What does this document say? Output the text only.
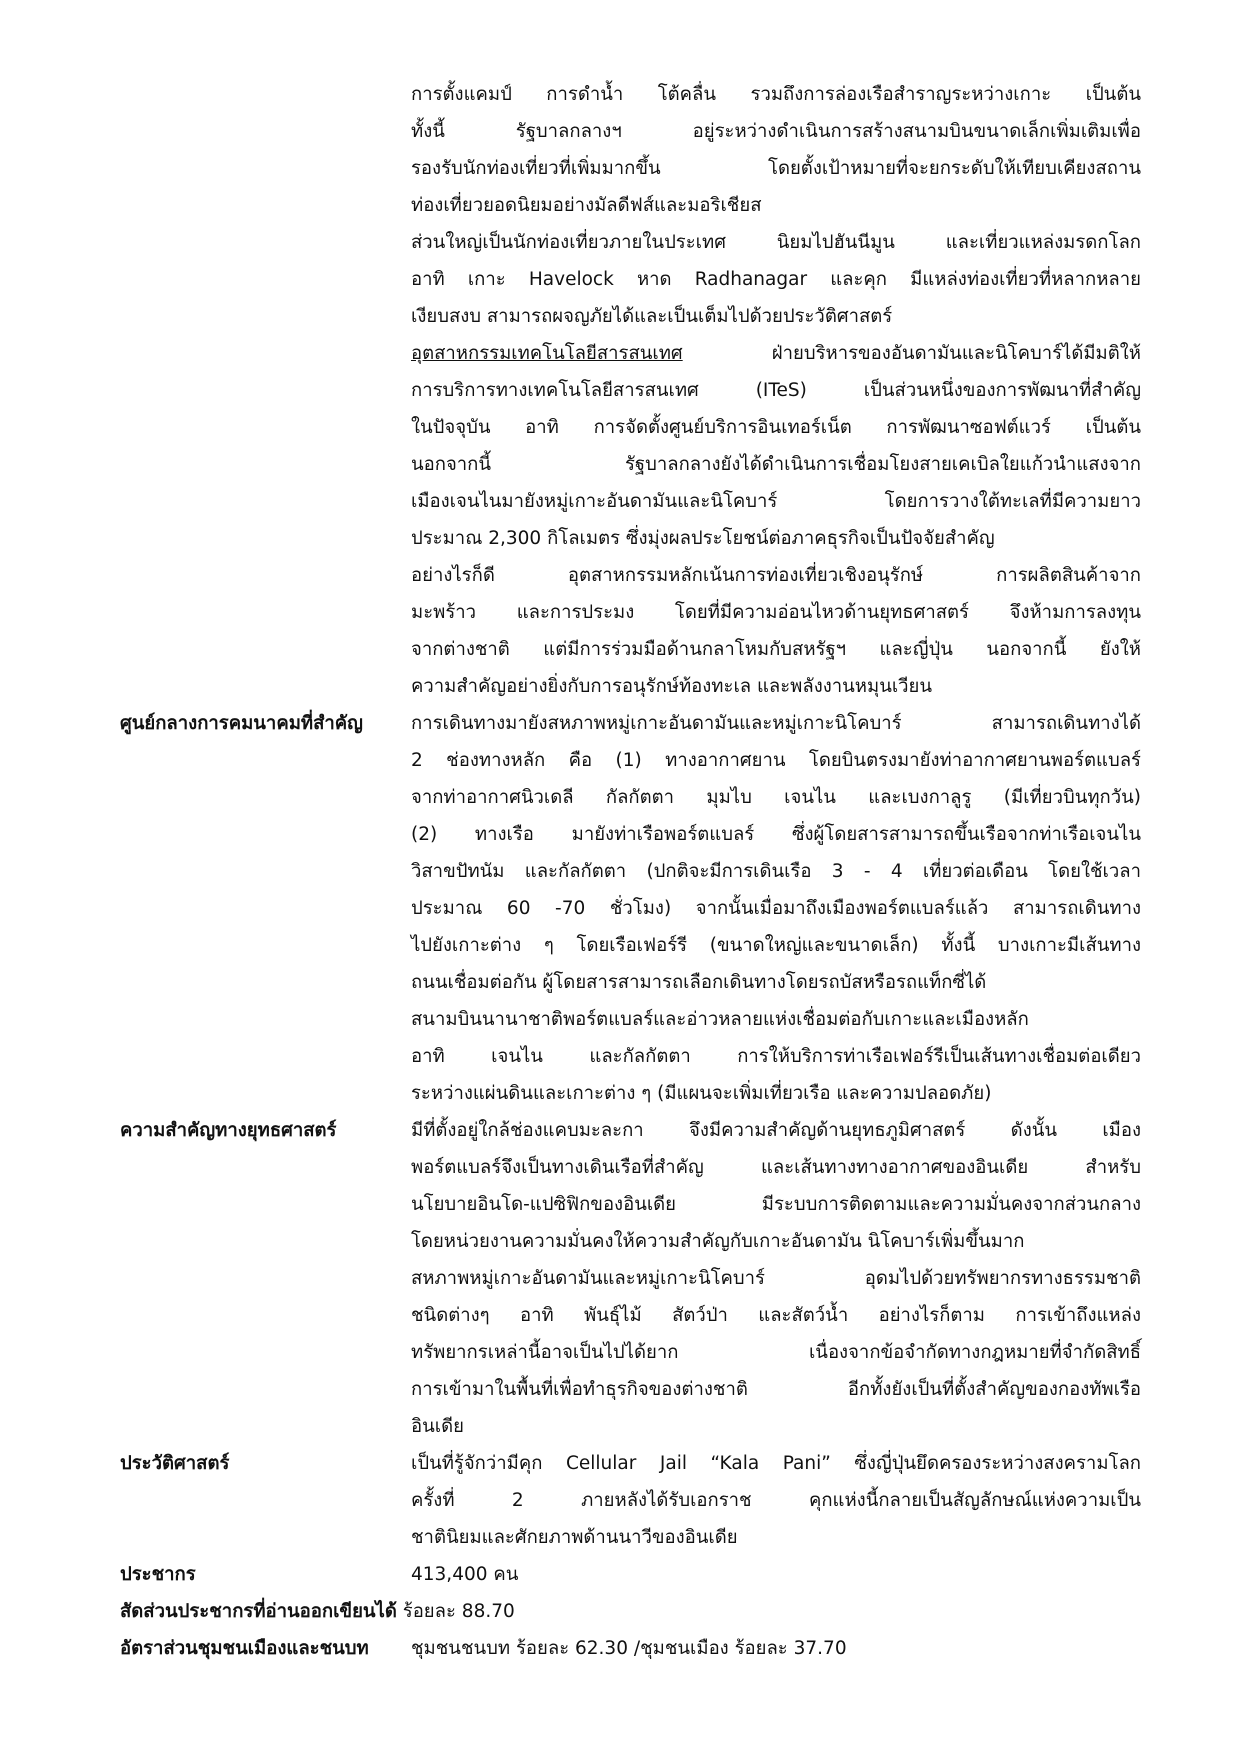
การตั้งแคมป์ การดำน้ำ โต้คลื่น รวมถึงการล่องเรือสำราญระหว่างเกาะ เป็นต้น
ทั้งนี้ รัฐบาลกลางฯ อยู่ระหว่างดำเนินการสร้างสนามบินขนาดเล็กเพิ่มเติมเพื่อ
รองรับนักท่องเที่ยวที่เพิ่มมากขึ้น โดยตั้งเป้าหมายที่จะยกระดับให้เทียบเคียงสถาน
ท่องเที่ยวยอดนิยมอย่างมัลดีฟส์และมอริเชียส
ส่วนใหญ่เป็นนักท่องเที่ยวภายในประเทศ นิยมไปฮันนีมูน และเที่ยวแหล่งมรดกโลก
อาทิ เกาะ Havelock หาด Radhanagar และคุก มีแหล่งท่องเที่ยวที่หลากหลาย
เงียบสงบ สามารถผจญภัยได้และเป็นเต็มไปด้วยประวัติศาสตร์
อุตสาหกรรมเทคโนโลยีสารสนเทศ ฝ่ายบริหารของอันดามันและนิโคบาร์ได้มีมติให้
การบริการทางเทคโนโลยีสารสนเทศ (ITeS) เป็นส่วนหนึ่งของการพัฒนาที่สำคัญ
ในปัจจุบัน อาทิ การจัดตั้งศูนย์บริการอินเทอร์เน็ต การพัฒนาซอฟต์แวร์ เป็นต้น
นอกจากนี้ รัฐบาลกลางยังได้ดำเนินการเชื่อมโยงสายเคเบิลใยแก้วนำแสงจาก
เมืองเจนไนมายังหมู่เกาะอันดามันและนิโคบาร์ โดยการวางใต้ทะเลที่มีความยาว
ประมาณ 2,300 กิโลเมตร ซึ่งมุ่งผลประโยชน์ต่อภาคธุรกิจเป็นปัจจัยสำคัญ
อย่างไรก็ดี อุตสาหกรรมหลักเน้นการท่องเที่ยวเชิงอนุรักษ์ การผลิตสินค้าจาก
มะพร้าว และการประมง โดยที่มีความอ่อนไหวด้านยุทธศาสตร์ จึงห้ามการลงทุน
จากต่างชาติ แต่มีการร่วมมือด้านกลาโหมกับสหรัฐฯ และญี่ปุ่น นอกจากนี้ ยังให้
ความสำคัญอย่างยิ่งกับการอนุรักษ์ท้องทะเล และพลังงานหมุนเวียน
ศูนย์กลางการคมนาคมที่สำคัญ	การเดินทางมายังสหภาพหมู่เกาะอันดามันและหมู่เกาะนิโคบาร์ สามารถเดินทางได้
2 ช่องทางหลัก คือ (1) ทางอากาศยาน โดยบินตรงมายังท่าอากาศยานพอร์ตแบลร์
จากท่าอากาศนิวเดลี กัลกัตตา มุมไบ เจนไน และเบงกาลูรู (มีเที่ยวบินทุกวัน)
(2) ทางเรือ มายังท่าเรือพอร์ตแบลร์ ซึ่งผู้โดยสารสามารถขึ้นเรือจากท่าเรือเจนไน
วิสาขปัทนัม และกัลกัตตา (ปกติจะมีการเดินเรือ 3 - 4 เที่ยวต่อเดือน โดยใช้เวลา
ประมาณ 60 -70 ชั่วโมง) จากนั้นเมื่อมาถึงเมืองพอร์ตแบลร์แล้ว สามารถเดินทาง
ไปยังเกาะต่าง ๆ โดยเรือเฟอร์รี (ขนาดใหญ่และขนาดเล็ก) ทั้งนี้ บางเกาะมีเส้นทาง
ถนนเชื่อมต่อกัน ผู้โดยสารสามารถเลือกเดินทางโดยรถบัสหรือรถแท็กซี่ได้
สนามบินนานาชาติพอร์ตแบลร์และอ่าวหลายแห่งเชื่อมต่อกับเกาะและเมืองหลัก
อาทิ เจนไน และกัลกัตตา การให้บริการท่าเรือเฟอร์รีเป็นเส้นทางเชื่อมต่อเดียว
ระหว่างแผ่นดินและเกาะต่าง ๆ (มีแผนจะเพิ่มเที่ยวเรือ และความปลอดภัย)
ความสำคัญทางยุทธศาสตร์	มีที่ตั้งอยู่ใกล้ช่องแคบมะละกา จึงมีความสำคัญด้านยุทธภูมิศาสตร์ ดังนั้น เมือง
พอร์ตแบลร์จึงเป็นทางเดินเรือที่สำคัญ และเส้นทางทางอากาศของอินเดีย สำหรับ
นโยบายอินโด-แปซิฟิกของอินเดีย มีระบบการติดตามและความมั่นคงจากส่วนกลาง
โดยหน่วยงานความมั่นคงให้ความสำคัญกับเกาะอันดามัน นิโคบาร์เพิ่มขึ้นมาก
สหภาพหมู่เกาะอันดามันและหมู่เกาะนิโคบาร์ อุดมไปด้วยทรัพยากรทางธรรมชาติ
ชนิดต่างๆ อาทิ พันธุ์ไม้ สัตว์ป่า และสัตว์น้ำ อย่างไรก็ตาม การเข้าถึงแหล่ง
ทรัพยากรเหล่านี้อาจเป็นไปได้ยาก เนื่องจากข้อจำกัดทางกฎหมายที่จำกัดสิทธิ์
การเข้ามาในพื้นที่เพื่อทำธุรกิจของต่างชาติ อีกทั้งยังเป็นที่ตั้งสำคัญของกองทัพเรือ
อินเดีย
ประวัติศาสตร์	เป็นที่รู้จักว่ามีคุก Cellular Jail “Kala Pani” ซึ่งญี่ปุ่นยึดครองระหว่างสงครามโลก
ครั้งที่ 2 ภายหลังได้รับเอกราช คุกแห่งนี้กลายเป็นสัญลักษณ์แห่งความเป็น
ชาตินิยมและศักยภาพด้านนาวีของอินเดีย
ประชากร	413,400 คน
สัดส่วนประชากรที่อ่านออกเขียนได้ ร้อยละ 88.70
อัตราส่วนชุมชนเมืองและชนบท	ชุมชนชนบท ร้อยละ 62.30 /ชุมชนเมือง ร้อยละ 37.70
